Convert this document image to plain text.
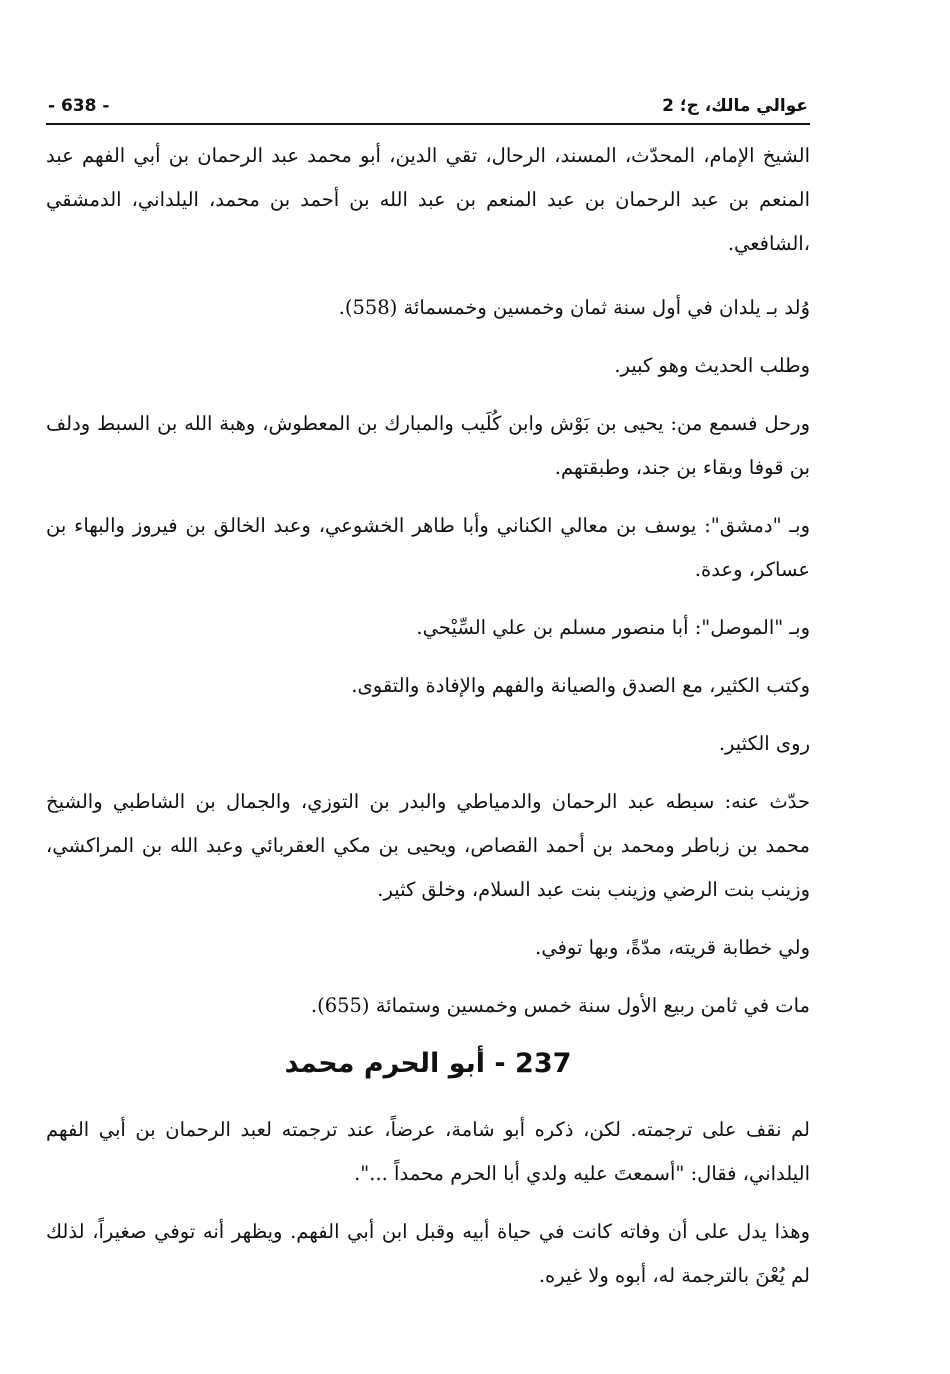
- 638 -	عوالي مالك، ج؛ 2

الشيخ الإمام، المحدّث، المسند، الرحال، تقي الدين، أبو محمد عبد الرحمان بن أبي الفهم عبد المنعم بن عبد الرحمان بن عبد المنعم بن عبد الله بن أحمد بن محمد، اليلداني، الدمشقي ،الشافعي.

وُلد بـ يلدان في أول سنة ثمان وخمسين وخمسمائة (558).

وطلب الحديث وهو كبير.

ورحل فسمع من: يحيى بن بَوْش وابن كُلَيب والمبارك بن المعطوش، وهبة الله بن السبط ودلف بن قوفا وبقاء بن جند، وطبقتهم.

وبـ "دمشق": يوسف بن معالي الكناني وأبا طاهر الخشوعي، وعبد الخالق بن فيروز والبهاء بن عساكر، وعدة.

وبـ "الموصل": أبا منصور مسلم بن علي السِّيْحي.

وكتب الكثير، مع الصدق والصيانة والفهم والإفادة والتقوى.

روى الكثير.

حدّث عنه: سبطه عبد الرحمان والدمياطي والبدر بن التوزي، والجمال بن الشاطبي والشيخ محمد بن زباطر ومحمد بن أحمد القصاص، ويحيى بن مكي العقربائي وعبد الله بن المراكشي، وزينب بنت الرضي وزينب بنت عبد السلام، وخلق كثير.

ولي خطابة قريته، مدّةً، وبها توفي.

مات في ثامن ربيع الأول سنة خمس وخمسين وستمائة (655).

237 - أبو الحرم محمد

لم نقف على ترجمته. لكن، ذكره أبو شامة، عرضاً، عند ترجمته لعبد الرحمان بن أبي الفهم اليلداني، فقال: "أسمعتَ عليه ولدي أبا الحرم محمداً ...".

وهذا يدل على أن وفاته كانت في حياة أبيه وقبل ابن أبي الفهم. ويظهر أنه توفي صغيراً، لذلك لم يُعْنَ بالترجمة له، أبوه ولا غيره.
